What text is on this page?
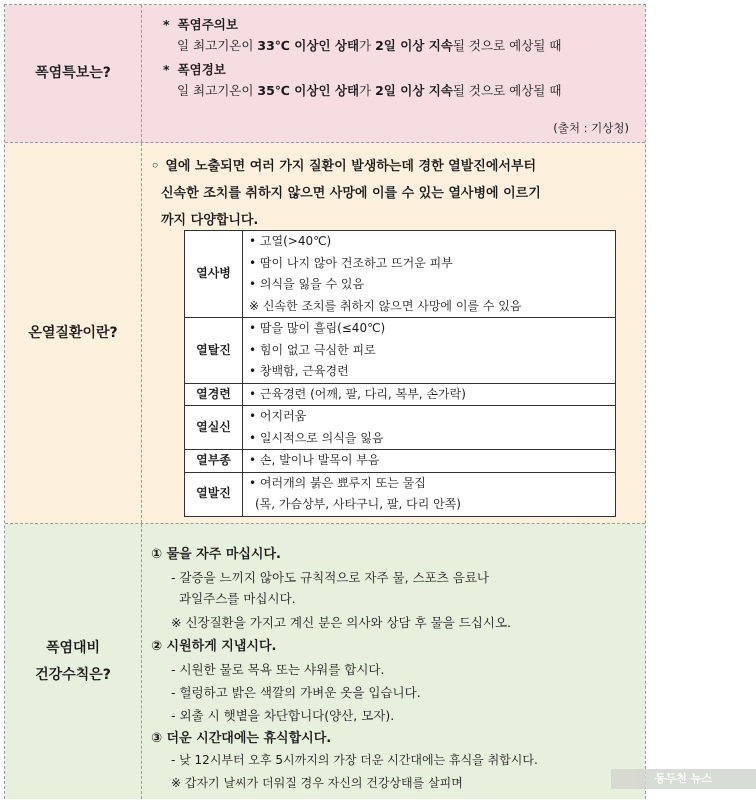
폭염특보는?
* 폭염주의보
일 최고기온이 33℃ 이상인 상태가 2일 이상 지속될 것으로 예상될 때
* 폭염경보
일 최고기온이 35℃ 이상인 상태가 2일 이상 지속될 것으로 예상될 때
(출처 : 기상청)
온열질환이란?
◦ 열에 노출되면 여러 가지 질환이 발생하는데 경한 열발진에서부터
신속한 조치를 취하지 않으면 사망에 이를 수 있는 열사병에 이르기
까지 다양합니다.
열사병	• 고열(>40℃)
• 땀이 나지 않아 건조하고 뜨거운 피부
• 의식을 잃을 수 있음
※ 신속한 조치를 취하지 않으면 사망에 이를 수 있음

열탈진	• 땀을 많이 흘림(≤40℃)
• 힘이 없고 극심한 피로
• 창백함, 근육경련

열경련	• 근육경련 (어깨, 팔, 다리, 복부, 손가락)

열실신	• 어지러움
• 일시적으로 의식을 잃음

열부종	• 손, 발이나 발목이 부음

열발진	• 여러개의 붉은 뾰루지 또는 물집
(목, 가슴상부, 사타구니, 팔, 다리 안쪽)
폭염대비
건강수칙은?
① 물을 자주 마십시다.
- 갈증을 느끼지 않아도 규칙적으로 자주 물, 스포츠 음료나
과일주스를 마십시다.
※ 신장질환을 가지고 계신 분은 의사와 상담 후 물을 드십시오.
② 시원하게 지냅시다.
- 시원한 물로 목욕 또는 샤워를 합시다.
- 헐렁하고 밝은 색깔의 가벼운 옷을 입습니다.
- 외출 시 햇볕을 차단합니다(양산, 모자).
③ 더운 시간대에는 휴식합시다.
- 낮 12시부터 오후 5시까지의 가장 더운 시간대에는 휴식을 취합시다.
※ 갑자기 날씨가 더워질 경우 자신의 건강상태를 살피며	동두천 뉴스
